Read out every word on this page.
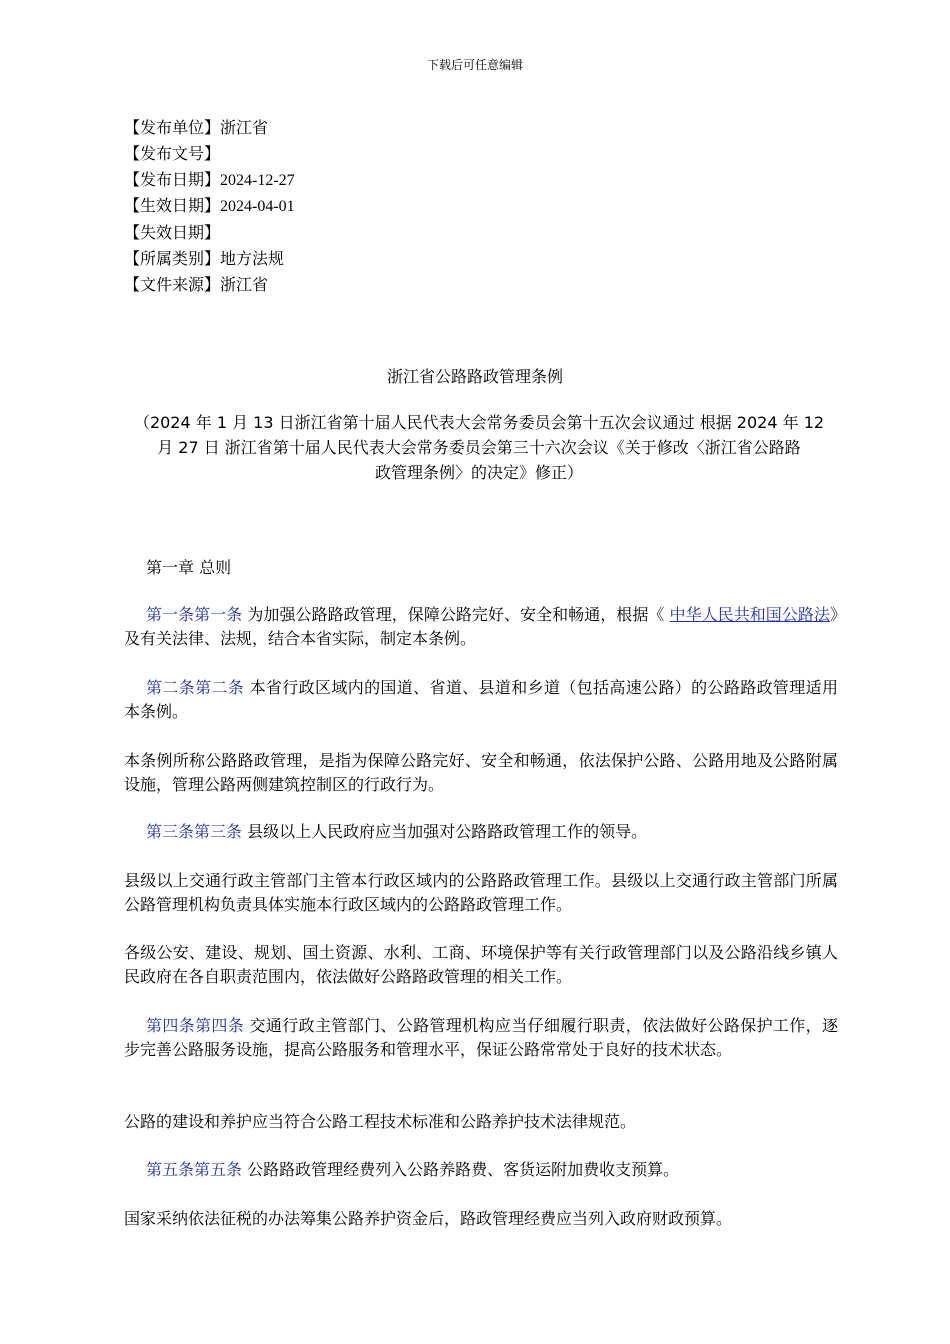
下载后可任意编辑
【发布单位】浙江省
【发布文号】
【发布日期】2024-12-27
【生效日期】2024-04-01
【失效日期】
【所属类别】地方法规
【文件来源】浙江省
浙江省公路路政管理条例
（2024 年 1 月 13 日浙江省第十届人民代表大会常务委员会第十五次会议通过 根据 2024 年 12
月 27 日 浙江省第十届人民代表大会常务委员会第三十六次会议《关于修改〈浙江省公路路
政管理条例〉的决定》修正）
第一章 总则
第一条第一条 为加强公路路政管理，保障公路完好、安全和畅通，根据《 中华人民共和国公路法》及有关法律、法规，结合本省实际，制定本条例。
第二条第二条 本省行政区域内的国道、省道、县道和乡道（包括高速公路）的公路路政管理适用本条例。
本条例所称公路路政管理，是指为保障公路完好、安全和畅通，依法保护公路、公路用地及公路附属设施，管理公路两侧建筑控制区的行政行为。
第三条第三条 县级以上人民政府应当加强对公路路政管理工作的领导。
县级以上交通行政主管部门主管本行政区域内的公路路政管理工作。县级以上交通行政主管部门所属公路管理机构负责具体实施本行政区域内的公路路政管理工作。
各级公安、建设、规划、国土资源、水利、工商、环境保护等有关行政管理部门以及公路沿线乡镇人民政府在各自职责范围内，依法做好公路路政管理的相关工作。
第四条第四条 交通行政主管部门、公路管理机构应当仔细履行职责，依法做好公路保护工作，逐步完善公路服务设施，提高公路服务和管理水平，保证公路常常处于良好的技术状态。
公路的建设和养护应当符合公路工程技术标准和公路养护技术法律规范。
第五条第五条 公路路政管理经费列入公路养路费、客货运附加费收支预算。
国家采纳依法征税的办法筹集公路养护资金后，路政管理经费应当列入政府财政预算。
